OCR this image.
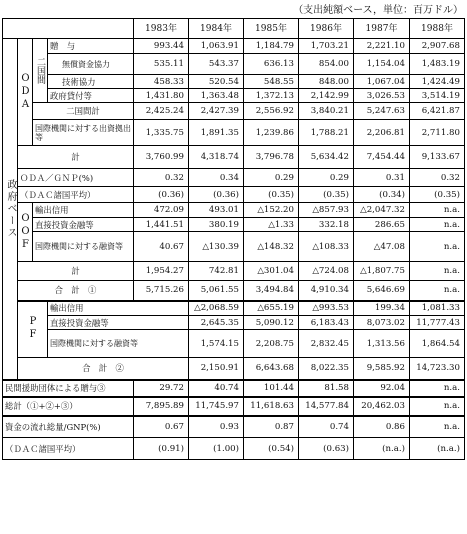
（支出純額ベース，単位：百万ドル）
				1983年	1984年	1985年	1986年	1987年	1988年	
政府ベース	ODA	二国間	贈　与	993.44	1,063.91	1,184.79	1,703.21	2,221.10	2,907.68	
			無償資金協力	535.11	543.37	636.13	854.00	1,154.04	1,483.19	
			技術協力	458.33	520.54	548.55	848.00	1,067.04	1,424.49	
			政府貸付等	1,431.80	1,363.48	1,372.13	2,142.99	3,026.53	3,514.19	
		二国間計		2,425.24	2,427.39	2,556.92	3,840.21	5,247.63	6,421.87	
		国際機関に対する出資拠出等		1,335.75	1,891.35	1,239.86	1,788.21	2,206.81	2,711.80	
	計			3,760.99	4,318.74	3,796.78	5,634.42	7,454.44	9,133.67	
	ＯＤＡ／ＧＮＰ(%)			0.32	0.34	0.29	0.29	0.31	0.32	
	（ＤＡＣ諸国平均）			(0.36)	(0.36)	(0.35)	(0.35)	(0.34)	(0.35)	
	OOF	輸出信用		472.09	493.01	△152.20	△857.93	△2,047.32	n.a.	
		直接投資金融等		1,441.51	380.19	△1.33	332.18	286.65	n.a.	
		国際機関に対する融資等		40.67	△130.39	△148.32	△108.33	△47.08	n.a.	
	計			1,954.27	742.81	△301.04	△724.08	△1,807.75	n.a.	
	合　計　①			5,715.26	5,061.55	3,494.84	4,910.34	5,646.69	n.a.	
	PF		輸出信用		△2,068.59	△655.19	△993.53	199.34	1,081.33	
			直接投資金融等		2,645.35	5,090.12	6,183.43	8,073.02	11,777.43	
			国際機関に対する融資等		1,574.15	2,208.75	2,832.45	1,313.56	1,864.54	
	合　計　②				2,150.91	6,643.68	8,022.35	9,585.92	14,723.30	
民間援助団体による贈与③				29.72	40.74	101.44	81.58	92.04	n.a.	
総計（①+②+③）				7,895.89	11,745.97	11,618.63	14,577.84	20,462.03	n.a.	
資金の流れ総量/GNP(%)				0.67	0.93	0.87	0.74	0.86	n.a.	
（ＤＡＣ諸国平均）				(0.91)	(1.00)	(0.54)	(0.63)	(n.a.)	(n.a.)	
